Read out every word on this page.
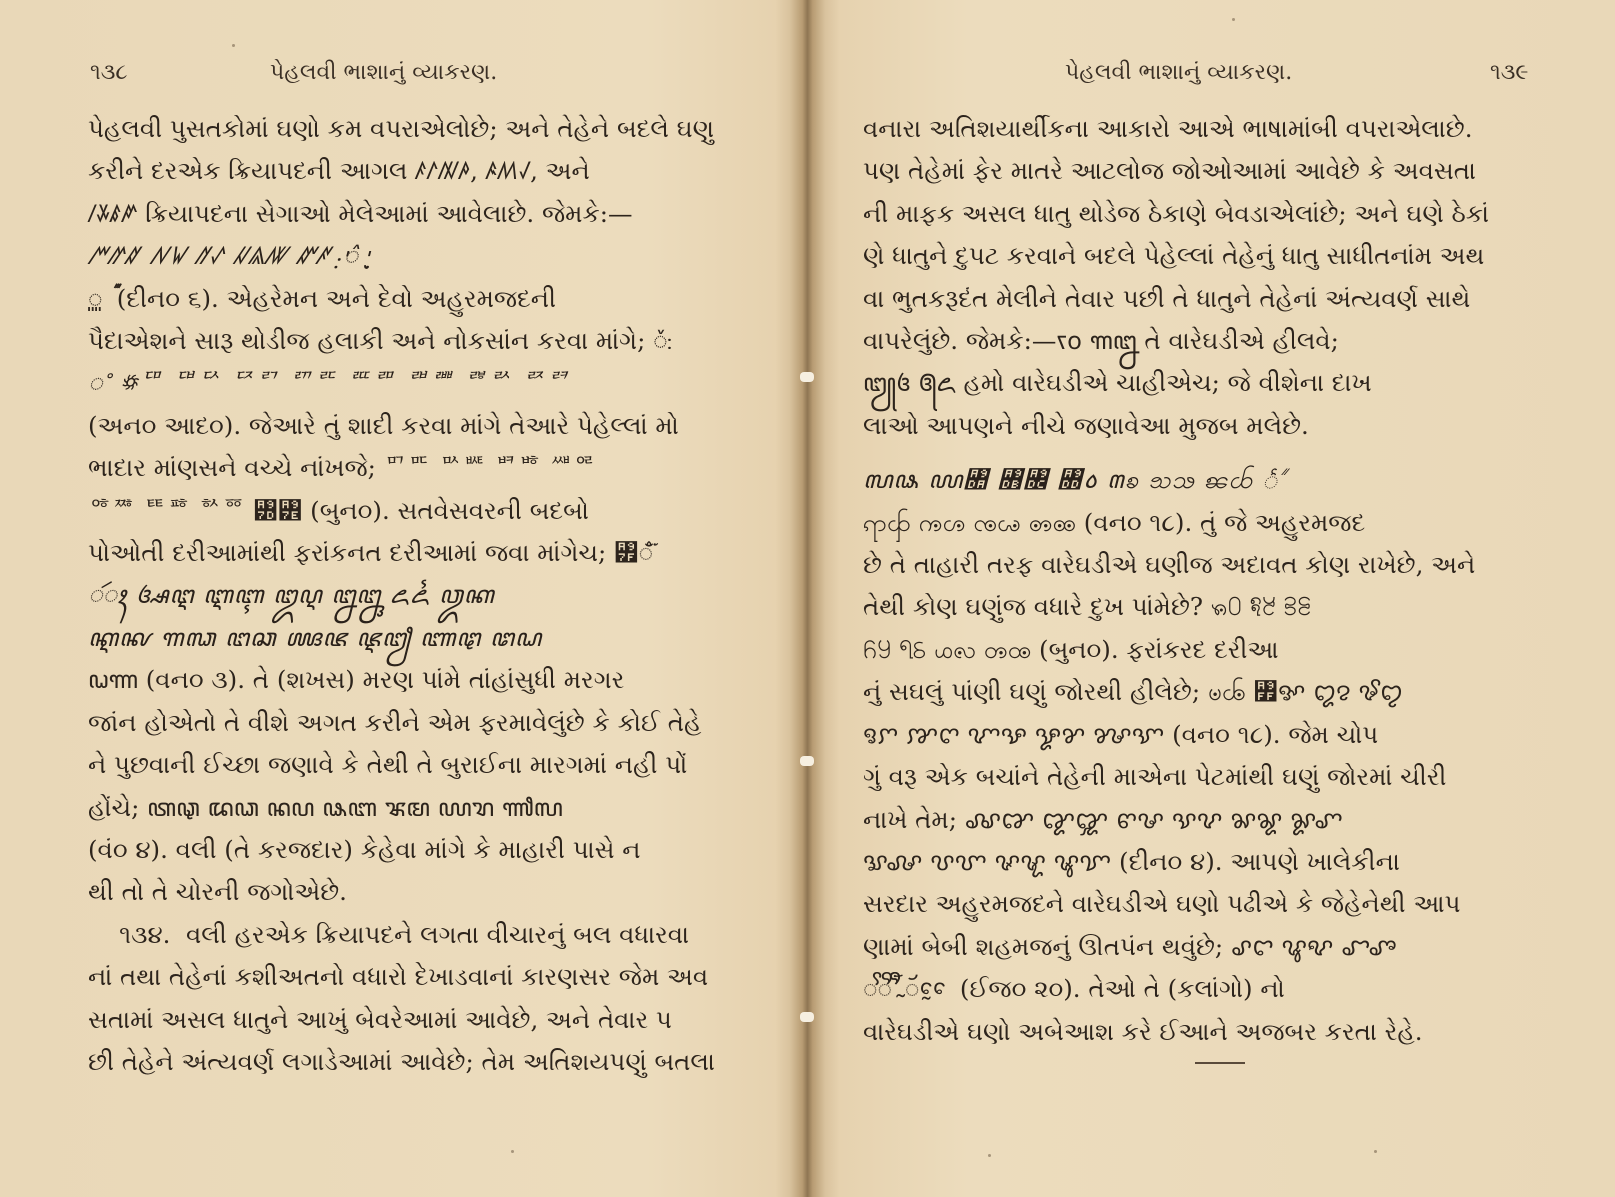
૧૩૮	પેહલવી ભાશાનું વ્યાકરણ.
પેહલવી પુસતકોમાં ઘણો કમ વપરાએલોછે; અને તેહેને બદલે ઘણુ
કરીને દરએક ક્રિયાપદની આગલ ꤰꤱꤲꤳ, ꤴꤵꤶ, અને
ꤷꤸꤹꤺ ક્રિયાપદના સેગાઓ મેલેઆમાં આવેલાછે. જેમકે:—
ꤻꤼꤽ ꤾꤿ ꥀꥁ ꥂꥃꥄ ꥅꥆ ꥇꥈ ꥉꥊ ꥋꥌ
ꥍꥎ ꥏꥐ (દીન૦ ૬). એહરેમન અને દેવો અહુરમજદની
પૈદાએશને સારૂ થોડીજ હલાકી અને નોકસાંન કરવા માંગે; ꥑꥒ
꥓ ꥟ꥠ ꥡꥢ ꥣꥤ ꥥꥦ ꥧꥨ ꥩꥪ ꥫꥬ ꥭꥮ
(અન૦ આદ૦). જેઆરે તું શાદી કરવા માંગે તેઆરે પેહેલ્લાં મો
ભાદાર માંણસને વચ્ચે નાંખજે; ꥯꥰ ꥱꥲ ꥳꥴ ꥵꥶ
ꥷꥸ ꥹꥺ ꥻꥼ ꥽꥾ (બુન૦). સતવેસવરની બદબો
પોઓતી દરીઆમાંથી ફરાંકનત દરીઆમાં જવા માંગેચ; ꥿ꦀ ꦁ
ꦂꦃ ꦄꦅ ꦆꦇ ꦈꦉ ꦊꦋ ꦌꦍ ꦎꦏ
ꦐꦑ ꦒꦓ ꦔꦕ ꦖꦗ ꦘꦙ ꦚꦛ ꦜꦝ
ꦞꦟ (વન૦ ૩). તે (શખસ) મરણ પાંમે તાંહાંસુધી મરગર
જાંન હોએતો તે વીશે અગત કરીને એમ ફરમાવેલુંછે કે કોઈ તેહે
ને પુછવાની ઈચ્છા જણાવે કે તેથી તે બુરાઈના મારગમાં નહી પોં
હોંચે; ꦠꦡ ꦢꦣ ꦤꦥ ꦦꦧ ꦨꦩ ꦪꦫ ꦬꦭ
(વં૦ ૪). વલી (તે કરજદાર) કેહેવા માંગે કે માહારી પાસે ન
થી તો તે ચોરની જગોએછે.
૧૩૪.  વલી હરએક ક્રિયાપદને લગતા વીચારનું બલ વધારવા
નાં તથા તેહેનાં કશીઅતનો વધારો દેખાડવાનાં કારણસર જેમ અવ
સતામાં અસલ ધાતુને આખું બેવરેઆમાં આવેછે, અને તેવાર પ
છી તેહેને અંત્યવર્ણ લગાડેઆમાં આવેછે; તેમ અતિશયપણું બતલા
પેહલવી ભાશાનું વ્યાકરણ.	૧૩૯
વનારા અતિશયાર્થીકના આકારો આએ ભાષામાંબી વપરાએલાછે.
પણ તેહેમાં ફેર માતરે આટલોજ જોઓઆમાં આવેછે કે અવસતા
ની માફક અસલ ધાતુ થોડેજ ઠેકાણે બેવડાએલાંછે; અને ઘણે ઠેકાં
ણે ધાતુને દુપટ કરવાને બદલે પેહેલ્લાં તેહેનું ધાતુ સાધીતનાંમ અથ
વા ભુતકરૂદંત મેલીને તેવાર પછી તે ધાતુને તેહેનાં અંત્યવર્ણ સાથે
વાપરેલુંછે. જેમકે:—ꧏ꧐ ꧑꧒ તે વારેઘડીએ હીલવે;
꧓꧔ ꧕꧖ હમો વારેઘડીએ ચાહીએચ; જે વીશેના દાખ
લાઓ આપણને નીચે જણાવેઆ મુજબ મલેછે.
꧗꧘ ꧙꧚ ꧛꧜ ꧝꧞ ꧟ꧠ ꧡꧢ ꧣꧤ ꧥꧦ
ꧧꧨ ꧩꧪ ꧫꧬ ꧭꧮ (વન૦ ૧૮). તું જે અહુરમજદ
છે તે તાહારી તરફ વારેઘડીએ ઘણીજ અદાવત કોણ રાખેછે, અને
તેથી કોણ ઘણુંજ વધારે દુખ પાંમેછે? ꧯ꧰ ꧱꧲ ꧳꧴
꧵꧶ ꧷꧸ ꧹ꧺ ꧻꧼ (બુન૦). ફરાંકરદ દરીઆ
નું સઘલું પાંણી ઘણું જોરથી હીલેછે; ꧽꧾ ꧿ꨀ ꨁꨂ ꨃꨄ
ꨅꨆ ꨇꨈ ꨉꨊ ꨋꨌ ꨍꨎ (વન૦ ૧૮). જેમ ચોપ
ગું વરૂ એક બચાંને તેહેની માએના પેટમાંથી ઘણું જોરમાં ચીરી
નાખે તેમ; ꨏꨐ ꨑꨒ ꨓꨔ ꨕꨖ ꨗꨘ ꨙꨚ
ꨛꨜ ꨝꨞ ꨟꨠ ꨡꨢ (દીન૦ ૪). આપણે ખાલેકીના
સરદાર અહુરમજદને વારેઘડીએ ઘણો પઢીએ કે જેહેનેથી આપ
ણામાં બેબી શહમજનું ઊતપંન થવુંછે; ꨣꨤ ꨥꨦ ꨧꨨ
ꨩꨪ ꨫꨬ ꨭꨮ ꨯꨰ (ઈજ૦ ૨૦). તેઓ તે (કલાંગો) નો
વારેઘડીએ ઘણો અબેઆશ કરે ઈઆને અજબર કરતા રેહે.
